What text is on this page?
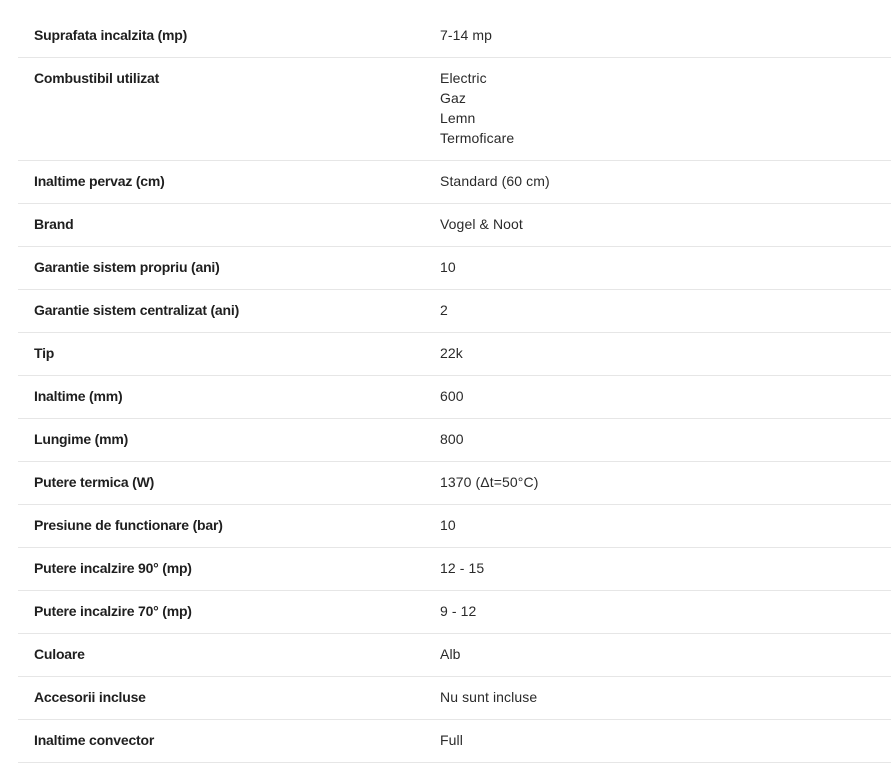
Suprafata incalzita (mp)	7-14 mp
Combustibil utilizat	Electric
Gaz
Lemn
Termoficare
Inaltime pervaz (cm)	Standard (60 cm)
Brand	Vogel & Noot
Garantie sistem propriu (ani)	10
Garantie sistem centralizat (ani)	2
Tip	22k
Inaltime (mm)	600
Lungime (mm)	800
Putere termica (W)	1370 (Δt=50°C)
Presiune de functionare (bar)	10
Putere incalzire 90° (mp)	12 - 15
Putere incalzire 70° (mp)	9 - 12
Culoare	Alb
Accesorii incluse	Nu sunt incluse
Inaltime convector	Full
